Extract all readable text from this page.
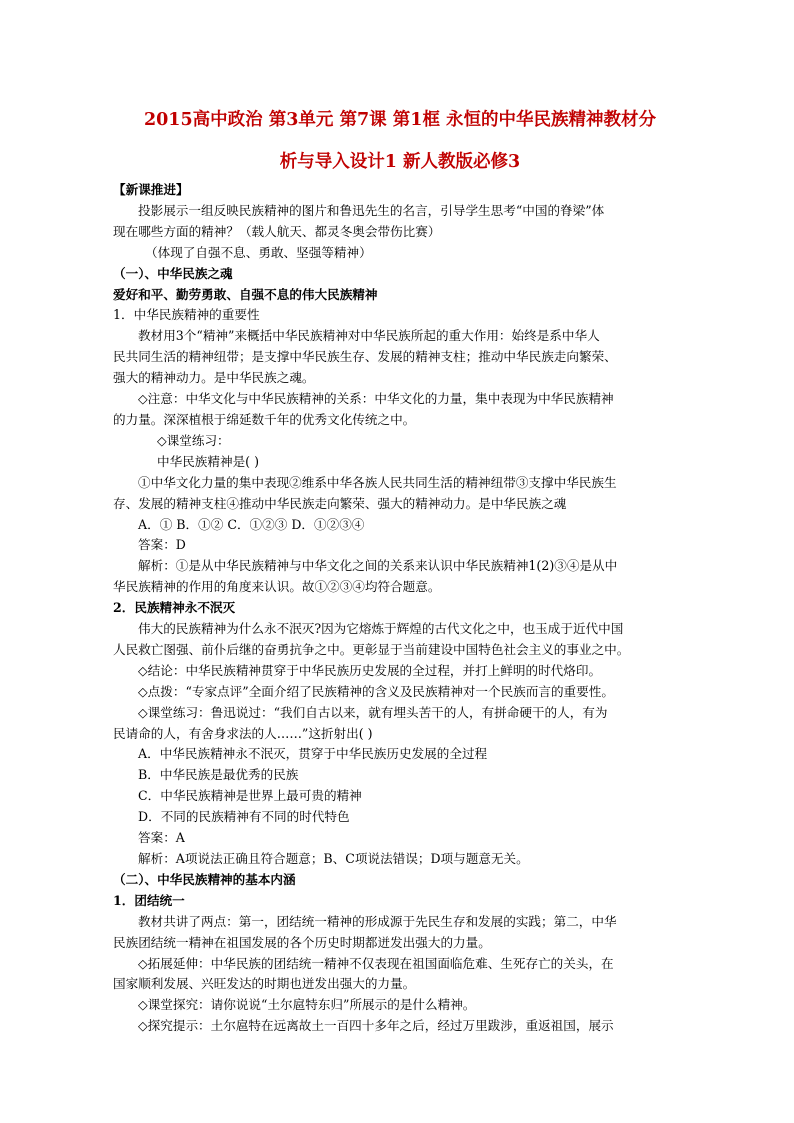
2015高中政治 第3单元 第7课 第1框 永恒的中华民族精神教材分
析与导入设计1 新人教版必修3

【新课推进】

投影展示一组反映民族精神的图片和鲁迅先生的名言，引导学生思考“中国的脊梁”体

现在哪些方面的精神？（载人航天、都灵冬奥会带伤比赛）

（体现了自强不息、勇敢、坚强等精神）

（一）、中华民族之魂

爱好和平、勤劳勇敢、自强不息的伟大民族精神

1．中华民族精神的重要性

教材用3个“精神”来概括中华民族精神对中华民族所起的重大作用：始终是系中华人

民共同生活的精神纽带；是支撑中华民族生存、发展的精神支柱；推动中华民族走向繁荣、

强大的精神动力。是中华民族之魂。

◇注意：中华文化与中华民族精神的关系：中华文化的力量，集中表现为中华民族精神

的力量。深深植根于绵延数千年的优秀文化传统之中。

◇课堂练习：

中华民族精神是( )

①中华文化力量的集中表现②维系中华各族人民共同生活的精神纽带③支撑中华民族生

存、发展的精神支柱④推动中华民族走向繁荣、强大的精神动力。是中华民族之魂

A．① B．①② C．①②③ D．①②③④

答案：D

解析：①是从中华民族精神与中华文化之间的关系来认识中华民族精神1(2)③④是从中

华民族精神的作用的角度来认识。故①②③④均符合题意。

2．民族精神永不泯灭

伟大的民族精神为什么永不泯灭?因为它熔炼于辉煌的古代文化之中，也玉成于近代中国

人民救亡图强、前仆后继的奋勇抗争之中。更彰显于当前建设中国特色社会主义的事业之中。

◇结论：中华民族精神贯穿于中华民族历史发展的全过程，并打上鲜明的时代烙印。

◇点拨：“专家点评”全面介绍了民族精神的含义及民族精神对一个民族而言的重要性。

◇课堂练习：鲁迅说过：“我们自古以来，就有埋头苦干的人，有拼命硬干的人，有为

民请命的人，有舍身求法的人……”这折射出( )

A．中华民族精神永不泯灭，贯穿于中华民族历史发展的全过程

B．中华民族是最优秀的民族

C．中华民族精神是世界上最可贵的精神

D．不同的民族精神有不同的时代特色

答案：A

解析：A项说法正确且符合题意；B、C项说法错误；D项与题意无关。

（二）、中华民族精神的基本内涵

1．团结统一

教材共讲了两点：第一，团结统一精神的形成源于先民生存和发展的实践；第二，中华

民族团结统一精神在祖国发展的各个历史时期都迸发出强大的力量。

◇拓展延伸：中华民族的团结统一精神不仅表现在祖国面临危难、生死存亡的关头，在

国家顺利发展、兴旺发达的时期也迸发出强大的力量。

◇课堂探究：请你说说“土尔扈特东归”所展示的是什么精神。

◇探究提示：土尔扈特在远离故土一百四十多年之后，经过万里跋涉，重返祖国，展示
